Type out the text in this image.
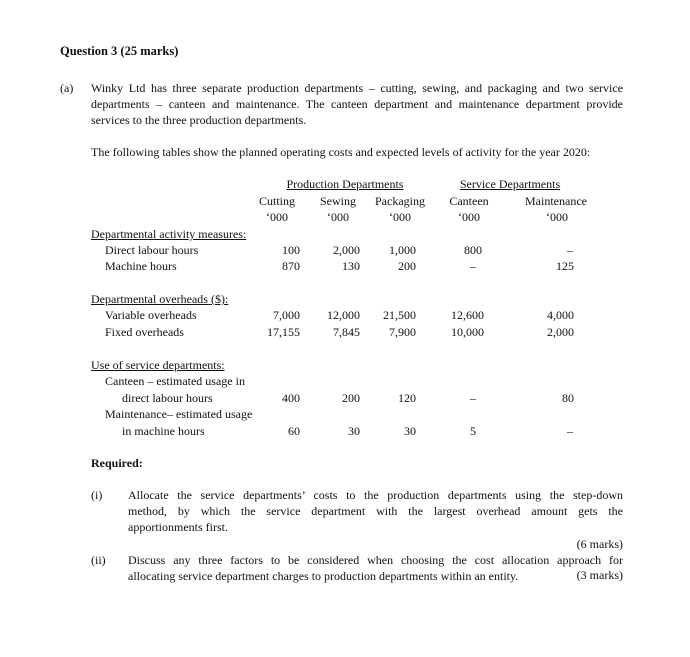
Question 3 (25 marks)
(a) Winky Ltd has three separate production departments – cutting, sewing, and packaging and two service
departments – canteen and maintenance. The canteen department and maintenance department provide
services to the three production departments.
The following tables show the planned operating costs and expected levels of activity for the year 2020:
Production Departments	Service Departments
Cutting	Sewing	Packaging	Canteen	Maintenance
‘000	‘000	‘000	‘000	‘000
Departmental activity measures:
Direct labour hours	100	2,000	1,000	800	–
Machine hours	870	130	200	–	125
Departmental overheads ($):
Variable overheads	7,000	12,000	21,500	12,600	4,000
Fixed overheads	17,155	7,845	7,900	10,000	2,000
Use of service departments:
Canteen – estimated usage in
direct labour hours	400	200	120	–	80
Maintenance– estimated usage
in machine hours	60	30	30	5	–
Required:
(i) Allocate the service departments’ costs to the production departments using the step-down
method, by which the service department with the largest overhead amount gets the
apportionments first.
(6 marks)
(ii) Discuss any three factors to be considered when choosing the cost allocation approach for
allocating service department charges to production departments within an entity.	(3 marks)
